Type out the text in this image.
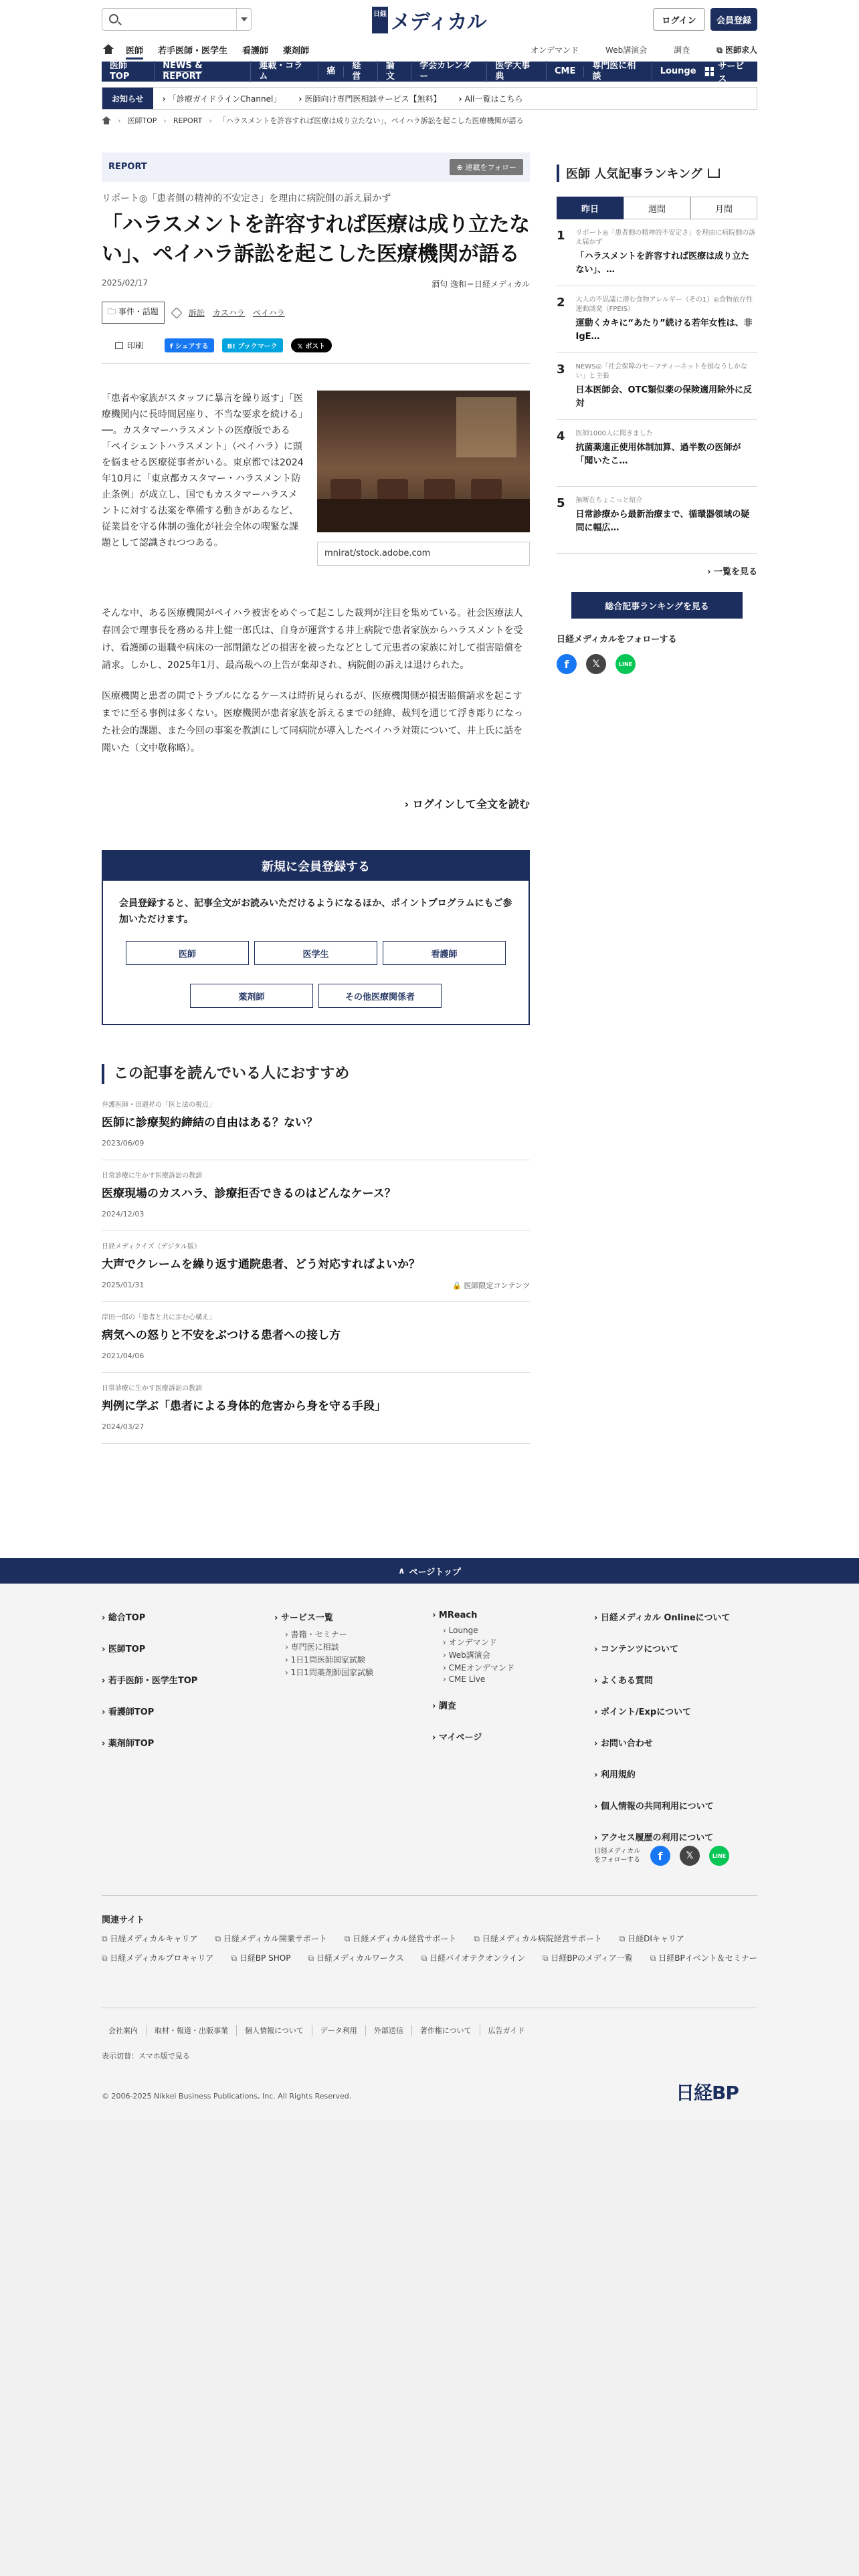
日経 メディカル	ログイン	会員登録
医師 若手医師・医学生 看護師 薬剤師	オンデマンド	Web講演会	調査	⧉ 医師求人
医師TOP
NEWS & REPORT
連載・コラム
癌
経営
論文
学会カレンダー
医学大事典
CME
専門医に相談
Lounge	サービス
お知らせ	› 「診療ガイドラインChannel」	› 医師向け専門医相談サービス【無料】	› All一覧はこちら
› 医師TOP › REPORT › 「ハラスメントを許容すれば医療は成り立たない」、ペイハラ訴訟を起こした医療機関が語る
REPORT	⊕ 連載をフォロー
リポート◎「患者側の精神的不安定さ」を理由に病院側の訴え届かず
「ハラスメントを許容すれば医療は成り立たない」、ペイハラ訴訟を起こした医療機関が語る
2025/02/17	酒匂 逸和＝日経メディカル
🗀 事件・話題	訴訟 カスハラ ペイハラ
印刷	f シェアする	B! ブックマーク	𝕏 ポスト
「患者や家族がスタッフに暴言を繰り返す」「医療機関内に長時間居座り、不当な要求を続ける」──。カスタマーハラスメントの医療版である「ペイシェントハラスメント」（ペイハラ）に頭を悩ませる医療従事者がいる。東京都では2024年10月に「東京都カスタマー・ハラスメント防止条例」が成立し、国でもカスタマーハラスメントに対する法案を準備する動きがあるなど、従業員を守る体制の強化が社会全体の喫緊な課題として認識されつつある。
mnirat/stock.adobe.com
そんな中、ある医療機関がペイハラ被害をめぐって起こした裁判が注目を集めている。社会医療法人春回会で理事長を務める井上健一郎氏は、自身が運営する井上病院で患者家族からハラスメントを受け、看護師の退職や病床の一部閉鎖などの損害を被ったなどとして元患者の家族に対して損害賠償を請求。しかし、2025年1月、最高裁への上告が棄却され、病院側の訴えは退けられた。
医療機関と患者の間でトラブルになるケースは時折見られるが、医療機関側が損害賠償請求を起こすまでに至る事例は多くない。医療機関が患者家族を訴えるまでの経緯、裁判を通じて浮き彫りになった社会的課題、また今回の事案を教訓にして同病院が導入したペイハラ対策について、井上氏に話を聞いた（文中敬称略）。
› ログインして全文を読む
新規に会員登録する
会員登録すると、記事全文がお読みいただけるようになるほか、ポイントプログラムにもご参加いただけます。
医師	医学生	看護師
薬剤師	その他医療関係者
この記事を読んでいる人におすすめ
弁護医師・田邉昇の「医と法の視点」
医師に診療契約締結の自由はある？ない？
2023/06/09
日常診療に生かす医療訴訟の教訓
医療現場のカスハラ、診療拒否できるのはどんなケース？
2024/12/03
日経メディクイズ（デジタル版）
大声でクレームを繰り返す通院患者、どう対応すればよいか？
2025/01/31	🔒 医師限定コンテンツ
岸田一郎の「患者と共に歩む心構え」
病気への怒りと不安をぶつける患者への接し方
2021/04/06
日常診療に生かす医療訴訟の教訓
判例に学ぶ「患者による身体的危害から身を守る手段」
2024/03/27
医師 人気記事ランキング
昨日	週間	月間
1 リポート◎「患者側の精神的不安定さ」を理由に病院側の訴え届かず
「ハラスメントを許容すれば医療は成り立たない」、…
2 大人の不思議に潜む食物アレルギー（その1）◎食物依存性運動誘発（FPEIS）
運動くカキに“あたり”続ける若年女性は、非IgE…
3 NEWS◎「社会保障のセーフティーネットを損なうしかない」と主張
日本医師会、OTC類似薬の保険適用除外に反対
4 医師1000人に聞きました
抗菌薬適正使用体制加算、過半数の医師が「聞いたこ…
5 無断在ちょこっと紹介
日常診療から最新治療まで、循環器領域の疑問に幅広…
› 一覧を見る
総合記事ランキングを見る
日経メディカルをフォローする
f	𝕏	LINE
∧ ページトップ
› 総合TOP
› 医師TOP
› 若手医師・医学生TOP
› 看護師TOP
› 薬剤師TOP
› サービス一覧
› 書籍・セミナー
› 専門医に相談
› 1日1問医師国家試験
› 1日1問薬剤師国家試験
› MReach
› Lounge
› オンデマンド
› Web講演会
› CMEオンデマンド
› CME Live
› 調査
› マイページ
› 日経メディカル Onlineについて
› コンテンツについて
› よくある質問
› ポイント/Expについて
› お問い合わせ
› 利用規約
› 個人情報の共同利用について
› アクセス履歴の利用について
日経メディカルをフォローする	f	𝕏	LINE
関連サイト
⧉ 日経メディカルキャリア	⧉ 日経メディカル開業サポート	⧉ 日経メディカル経営サポート	⧉ 日経メディカル病院経営サポート	⧉ 日経DIキャリア
⧉ 日経メディカルプロキャリア	⧉ 日経BP SHOP	⧉ 日経メディカルワークス	⧉ 日経バイオテクオンライン	⧉ 日経BPのメディア一覧	⧉ 日経BPイベント＆セミナー
会社案内	取材・報道・出版事業	個人情報について	データ利用	外部送信	著作権について	広告ガイド
表示切替：スマホ版で見る
© 2006-2025 Nikkei Business Publications, Inc. All Rights Reserved.	日経BP
